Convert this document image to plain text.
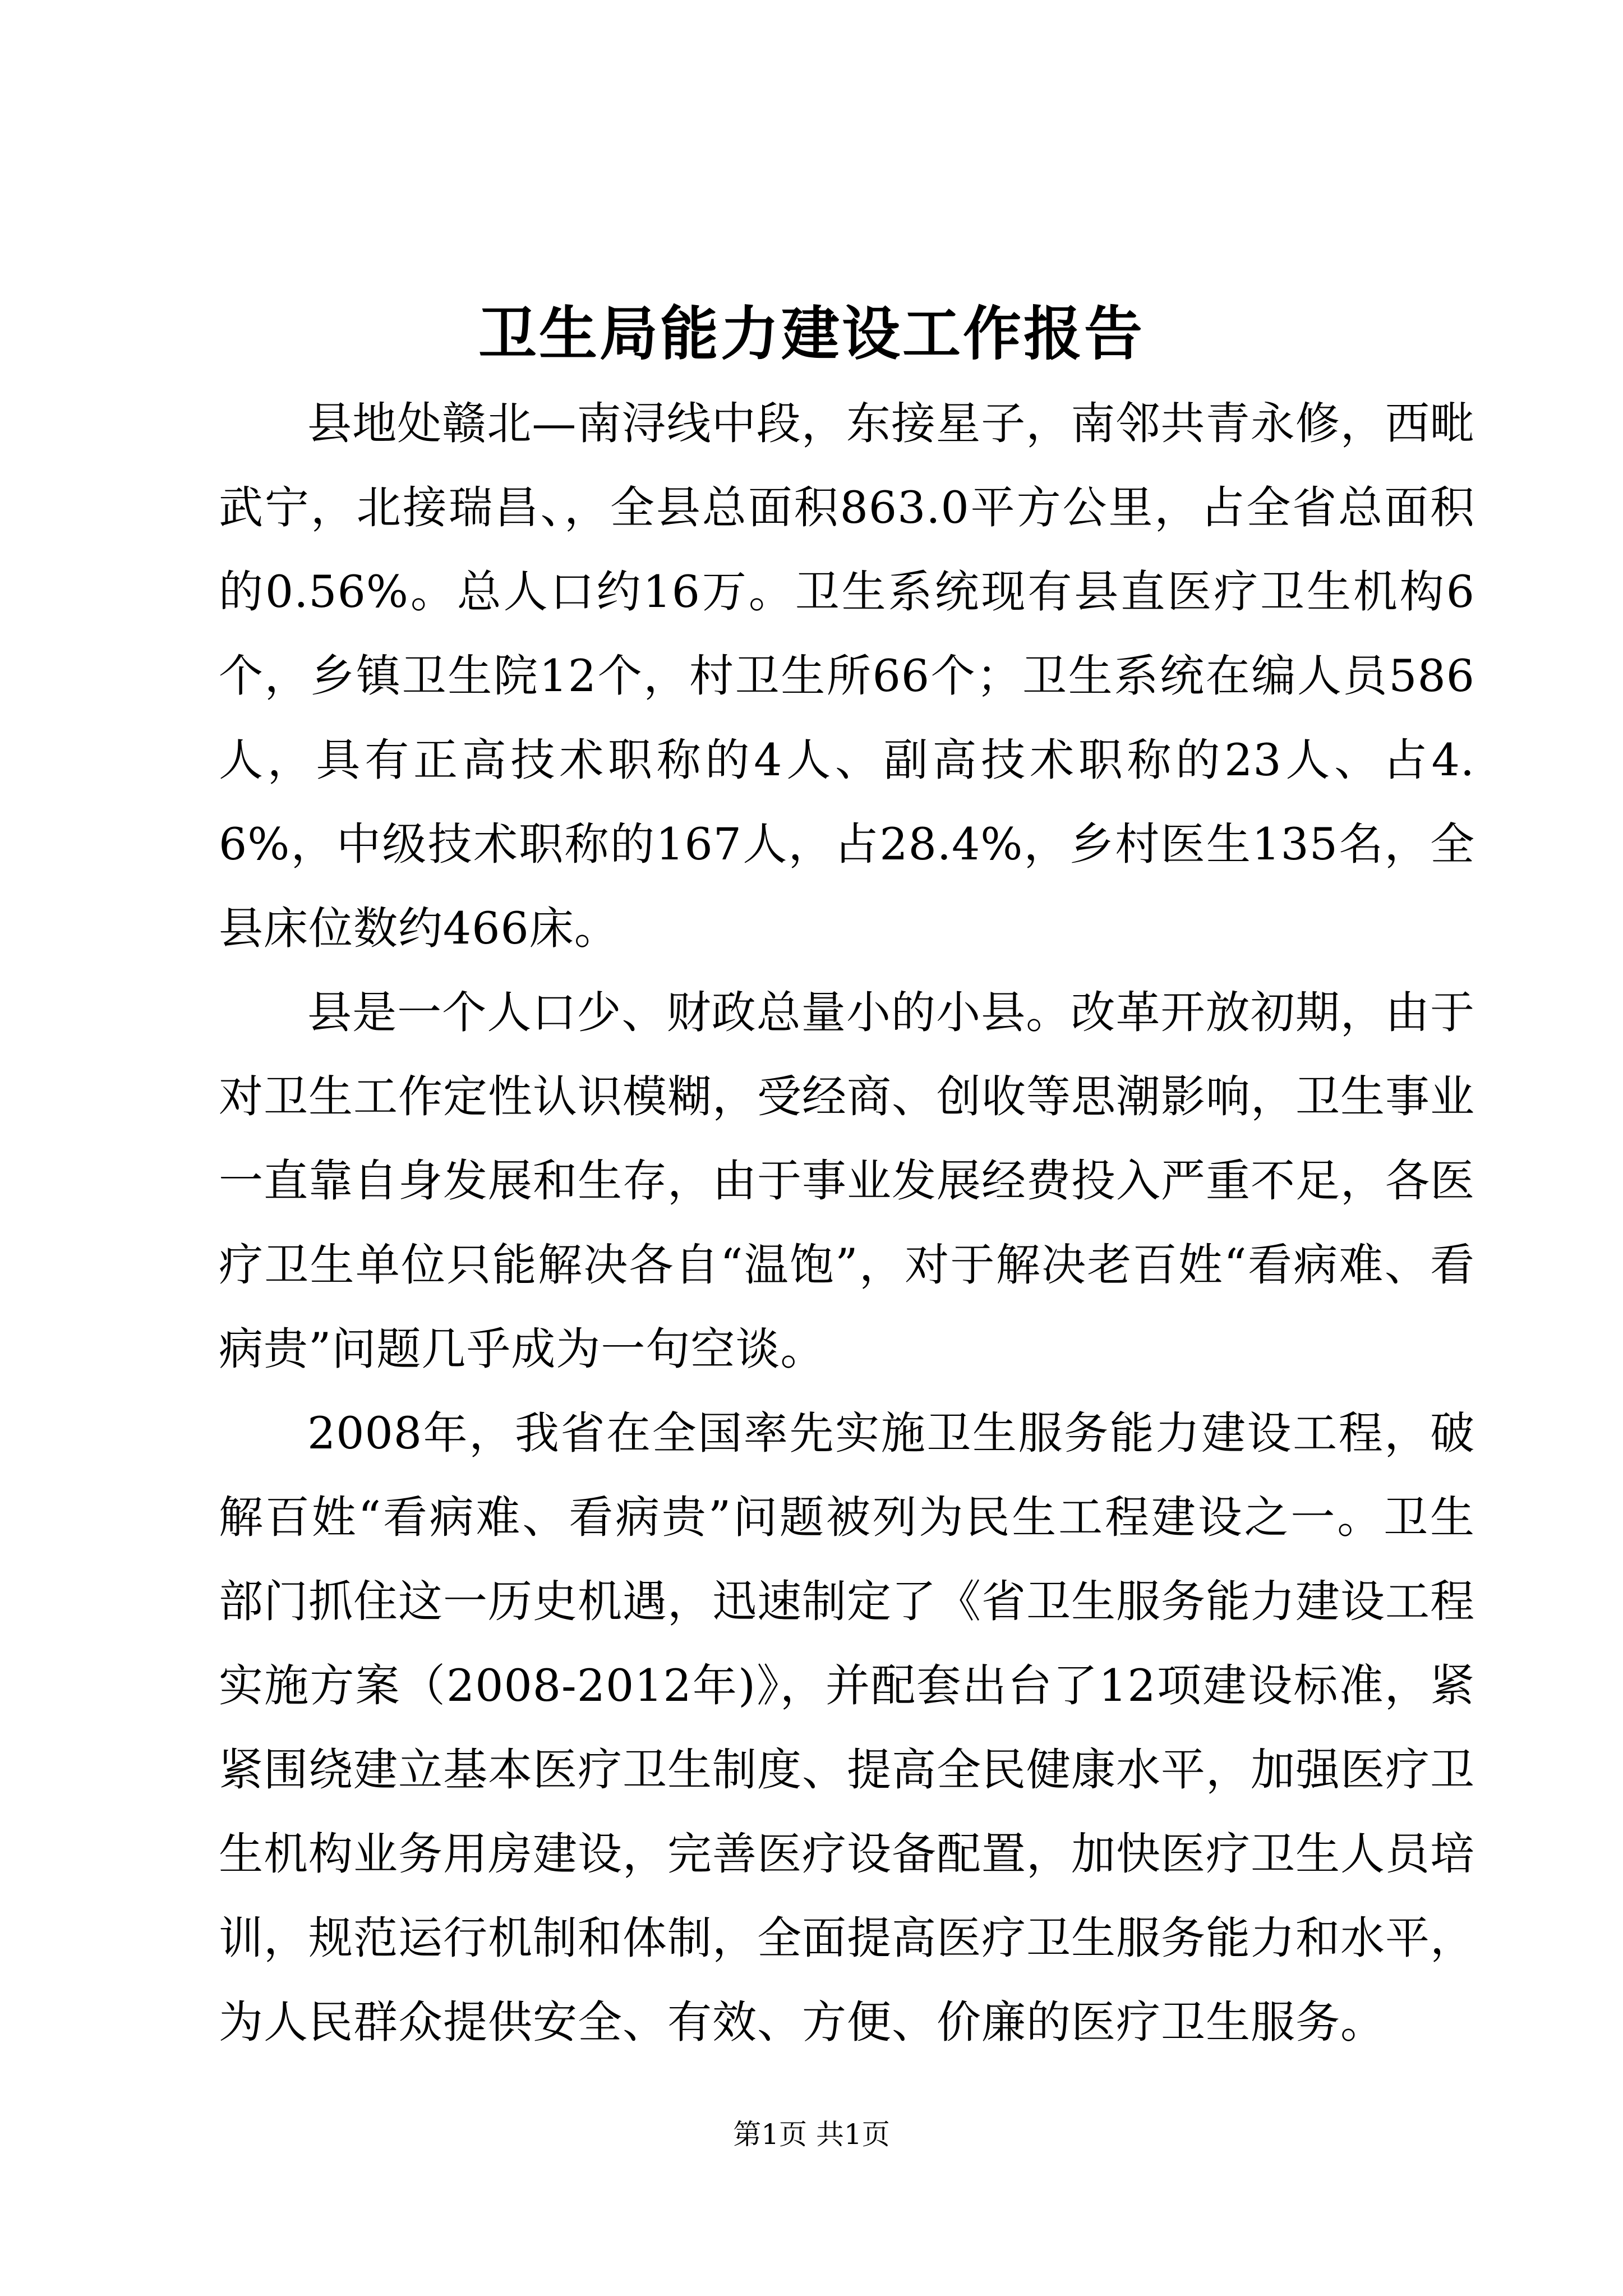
卫生局能力建设工作报告

县地处赣北—南浔线中段，东接星子，南邻共青永修，西毗武宁，北接瑞昌、，全县总面积863.0平方公里，占全省总面积的0.56%。总人口约16万。卫生系统现有县直医疗卫生机构6个，乡镇卫生院12个，村卫生所66个；卫生系统在编人员586人，具有正高技术职称的4人、副高技术职称的23人、占4.6%，中级技术职称的167人，占28.4%，乡村医生135名，全县床位数约466床。

县是一个人口少、财政总量小的小县。改革开放初期，由于对卫生工作定性认识模糊，受经商、创收等思潮影响，卫生事业一直靠自身发展和生存，由于事业发展经费投入严重不足，各医疗卫生单位只能解决各自“温饱”，对于解决老百姓“看病难、看病贵”问题几乎成为一句空谈。

2008年，我省在全国率先实施卫生服务能力建设工程，破解百姓“看病难、看病贵”问题被列为民生工程建设之一。卫生部门抓住这一历史机遇，迅速制定了《省卫生服务能力建设工程实施方案（2008-2012年)》，并配套出台了12项建设标准，紧紧围绕建立基本医疗卫生制度、提高全民健康水平，加强医疗卫生机构业务用房建设，完善医疗设备配置，加快医疗卫生人员培训，规范运行机制和体制，全面提高医疗卫生服务能力和水平，为人民群众提供安全、有效、方便、价廉的医疗卫生服务。

第1页 共1页
